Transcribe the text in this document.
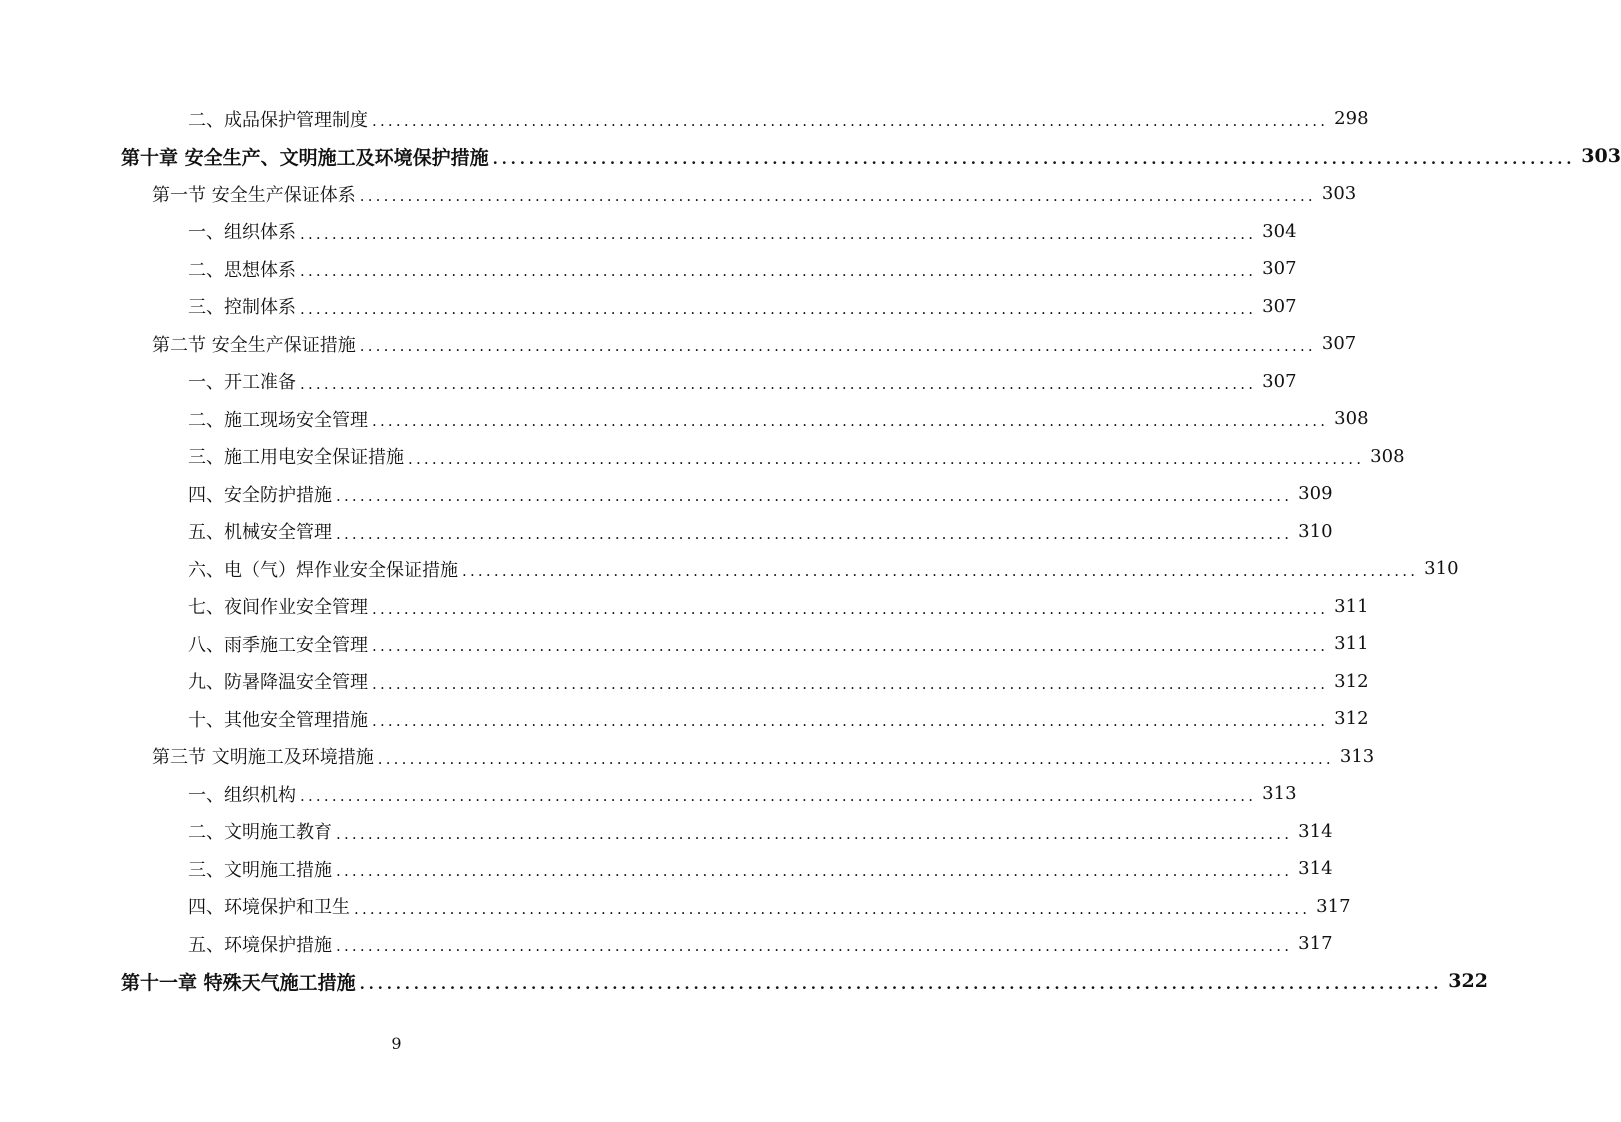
二、成品保护管理制度 ........................................................................................................................ 298
第十章 安全生产、文明施工及环境保护措施 ........................................................................................................................ 303
第一节 安全生产保证体系 ........................................................................................................................ 303
一、组织体系 ........................................................................................................................ 304
二、思想体系 ........................................................................................................................ 307
三、控制体系 ........................................................................................................................ 307
第二节 安全生产保证措施 ........................................................................................................................ 307
一、开工准备 ........................................................................................................................ 307
二、施工现场安全管理 ........................................................................................................................ 308
三、施工用电安全保证措施 ........................................................................................................................ 308
四、安全防护措施 ........................................................................................................................ 309
五、机械安全管理 ........................................................................................................................ 310
六、电（气）焊作业安全保证措施 ........................................................................................................................ 310
七、夜间作业安全管理 ........................................................................................................................ 311
八、雨季施工安全管理 ........................................................................................................................ 311
九、防暑降温安全管理 ........................................................................................................................ 312
十、其他安全管理措施 ........................................................................................................................ 312
第三节 文明施工及环境措施 ........................................................................................................................ 313
一、组织机构 ........................................................................................................................ 313
二、文明施工教育 ........................................................................................................................ 314
三、文明施工措施 ........................................................................................................................ 314
四、环境保护和卫生 ........................................................................................................................ 317
五、环境保护措施 ........................................................................................................................ 317
第十一章 特殊天气施工措施 ........................................................................................................................ 322
9
